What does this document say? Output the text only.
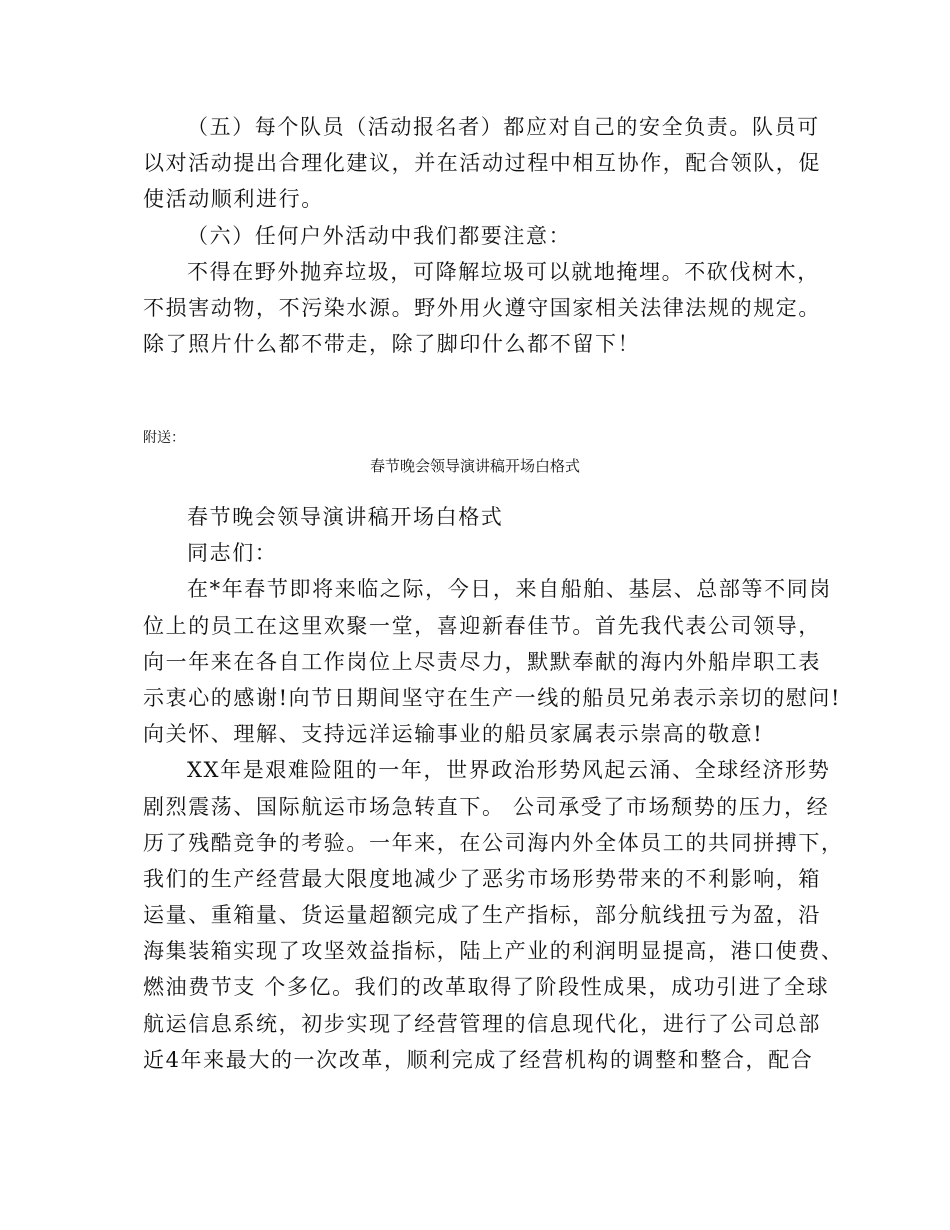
（五）每个队员（活动报名者）都应对自己的安全负责。队员可
以对活动提出合理化建议，并在活动过程中相互协作，配合领队，促
使活动顺利进行。
（六）任何户外活动中我们都要注意：
不得在野外抛弃垃圾，可降解垃圾可以就地掩埋。不砍伐树木，
不损害动物，不污染水源。野外用火遵守国家相关法律法规的规定。
除了照片什么都不带走，除了脚印什么都不留下！
附送：
春节晚会领导演讲稿开场白格式
春节晚会领导演讲稿开场白格式
同志们：
在*年春节即将来临之际，今日，来自船舶、基层、总部等不同岗
位上的员工在这里欢聚一堂，喜迎新春佳节。首先我代表公司领导，
向一年来在各自工作岗位上尽责尽力，默默奉献的海内外船岸职工表
示衷心的感谢!向节日期间坚守在生产一线的船员兄弟表示亲切的慰问!
向关怀、理解、支持远洋运输事业的船员家属表示崇高的敬意!
XX年是艰难险阻的一年，世界政治形势风起云涌、全球经济形势
剧烈震荡、国际航运市场急转直下。 公司承受了市场颓势的压力，经
历了残酷竞争的考验。一年来，在公司海内外全体员工的共同拼搏下，
我们的生产经营最大限度地减少了恶劣市场形势带来的不利影响，箱
运量、重箱量、货运量超额完成了生产指标，部分航线扭亏为盈，沿
海集装箱实现了攻坚效益指标，陆上产业的利润明显提高，港口使费、
燃油费节支 个多亿。我们的改革取得了阶段性成果，成功引进了全球
航运信息系统，初步实现了经营管理的信息现代化，进行了公司总部
近4年来最大的一次改革，顺利完成了经营机构的调整和整合，配合
